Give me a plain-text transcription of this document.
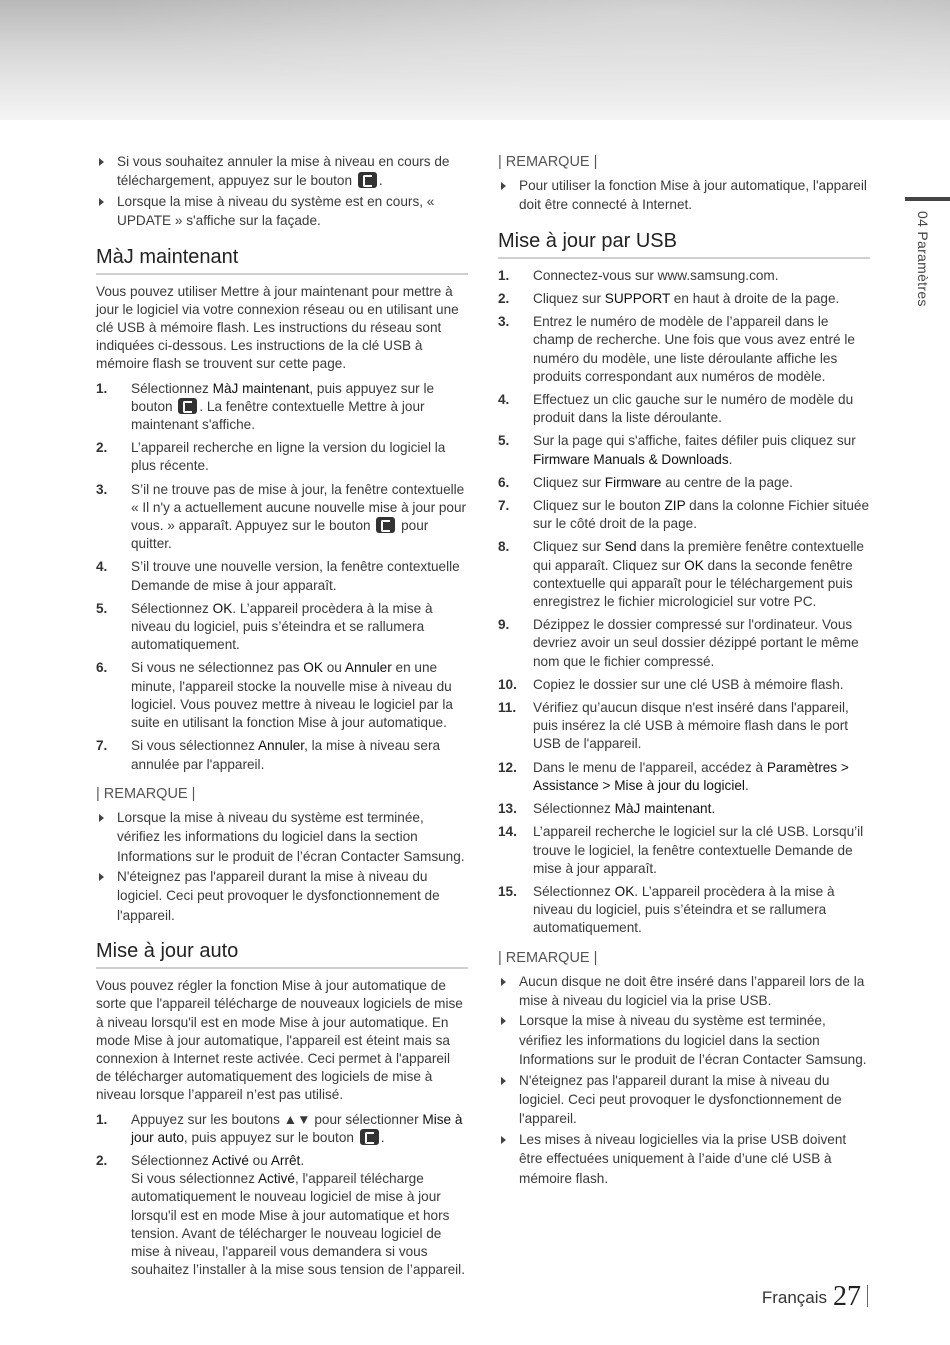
Si vous souhaitez annuler la mise à niveau en cours de téléchargement, appuyez sur le bouton .
Lorsque la mise à niveau du système est en cours, « UPDATE » s'affiche sur la façade.
MàJ maintenant
Vous pouvez utiliser Mettre à jour maintenant pour mettre à jour le logiciel via votre connexion réseau ou en utilisant une clé USB à mémoire flash. Les instructions du réseau sont indiquées ci-dessous. Les instructions de la clé USB à mémoire flash se trouvent sur cette page.
1. Sélectionnez MàJ maintenant, puis appuyez sur le bouton . La fenêtre contextuelle Mettre à jour maintenant s'affiche.
2. L’appareil recherche en ligne la version du logiciel la plus récente.
3. S’il ne trouve pas de mise à jour, la fenêtre contextuelle « Il n'y a actuellement aucune nouvelle mise à jour pour vous. » apparaît. Appuyez sur le bouton  pour quitter.
4. S’il trouve une nouvelle version, la fenêtre contextuelle Demande de mise à jour apparaît.
5. Sélectionnez OK. L’appareil procèdera à la mise à niveau du logiciel, puis s’éteindra et se rallumera automatiquement.
6. Si vous ne sélectionnez pas OK ou Annuler en une minute, l'appareil stocke la nouvelle mise à niveau du logiciel. Vous pouvez mettre à niveau le logiciel par la suite en utilisant la fonction Mise à jour automatique.
7. Si vous sélectionnez Annuler, la mise à niveau sera annulée par l'appareil.
| REMARQUE |
Lorsque la mise à niveau du système est terminée, vérifiez les informations du logiciel dans la section Informations sur le produit de l’écran Contacter Samsung.
N'éteignez pas l'appareil durant la mise à niveau du logiciel. Ceci peut provoquer le dysfonctionnement de l'appareil.
Mise à jour auto
Vous pouvez régler la fonction Mise à jour automatique de sorte que l'appareil télécharge de nouveaux logiciels de mise à niveau lorsqu'il est en mode Mise à jour automatique. En mode Mise à jour automatique, l'appareil est éteint mais sa connexion à Internet reste activée. Ceci permet à l'appareil de télécharger automatiquement des logiciels de mise à niveau lorsque l’appareil n’est pas utilisé.
1. Appuyez sur les boutons ▲▼ pour sélectionner Mise à jour auto, puis appuyez sur le bouton .
2. Sélectionnez Activé ou Arrêt.
Si vous sélectionnez Activé, l'appareil télécharge automatiquement le nouveau logiciel de mise à jour lorsqu'il est en mode Mise à jour automatique et hors tension. Avant de télécharger le nouveau logiciel de mise à niveau, l'appareil vous demandera si vous souhaitez l’installer à la mise sous tension de l’appareil.
| REMARQUE |
Pour utiliser la fonction Mise à jour automatique, l'appareil doit être connecté à Internet.
Mise à jour par USB
1. Connectez-vous sur www.samsung.com.
2. Cliquez sur SUPPORT en haut à droite de la page.
3. Entrez le numéro de modèle de l’appareil dans le champ de recherche. Une fois que vous avez entré le numéro du modèle, une liste déroulante affiche les produits correspondant aux numéros de modèle.
4. Effectuez un clic gauche sur le numéro de modèle du produit dans la liste déroulante.
5. Sur la page qui s'affiche, faites défiler puis cliquez sur Firmware Manuals & Downloads.
6. Cliquez sur Firmware au centre de la page.
7. Cliquez sur le bouton ZIP dans la colonne Fichier située sur le côté droit de la page.
8. Cliquez sur Send dans la première fenêtre contextuelle qui apparaît. Cliquez sur OK dans la seconde fenêtre contextuelle qui apparaît pour le téléchargement puis enregistrez le fichier micrologiciel sur votre PC.
9. Dézippez le dossier compressé sur l'ordinateur. Vous devriez avoir un seul dossier dézippé portant le même nom que le fichier compressé.
10. Copiez le dossier sur une clé USB à mémoire flash.
11. Vérifiez qu’aucun disque n'est inséré dans l'appareil, puis insérez la clé USB à mémoire flash dans le port USB de l'appareil.
12. Dans le menu de l'appareil, accédez à Paramètres > Assistance > Mise à jour du logiciel.
13. Sélectionnez MàJ maintenant.
14. L’appareil recherche le logiciel sur la clé USB. Lorsqu’il trouve le logiciel, la fenêtre contextuelle Demande de mise à jour apparaît.
15. Sélectionnez OK. L’appareil procèdera à la mise à niveau du logiciel, puis s’éteindra et se rallumera automatiquement.
| REMARQUE |
Aucun disque ne doit être inséré dans l’appareil lors de la mise à niveau du logiciel via la prise USB.
Lorsque la mise à niveau du système est terminée, vérifiez les informations du logiciel dans la section Informations sur le produit de l’écran Contacter Samsung.
N'éteignez pas l'appareil durant la mise à niveau du logiciel. Ceci peut provoquer le dysfonctionnement de l'appareil.
Les mises à niveau logicielles via la prise USB doivent être effectuées uniquement à l’aide d’une clé USB à mémoire flash.
04 Paramètres
Français 27
